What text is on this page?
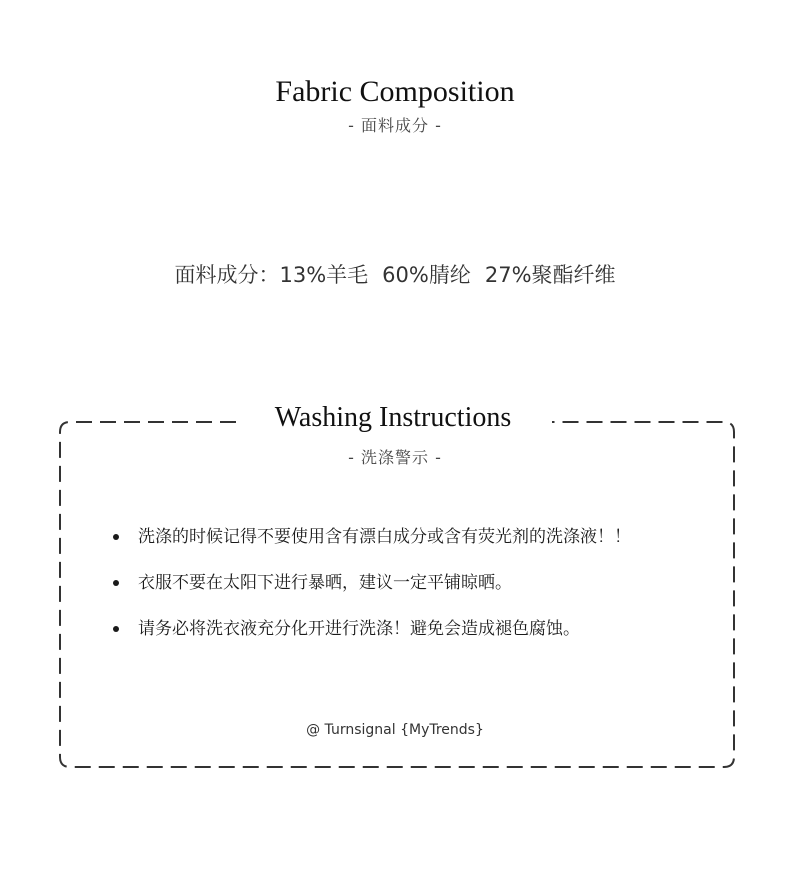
Fabric Composition
- 面料成分 -
面料成分：13%羊毛 60%腈纶 27%聚酯纤维
Washing Instructions
- 洗涤警示 -
洗涤的时候记得不要使用含有漂白成分或含有荧光剂的洗涤液！！
衣服不要在太阳下进行暴晒，建议一定平铺晾晒。
请务必将洗衣液充分化开进行洗涤！避免会造成褪色腐蚀。
@ Turnsignal {MyTrends}
